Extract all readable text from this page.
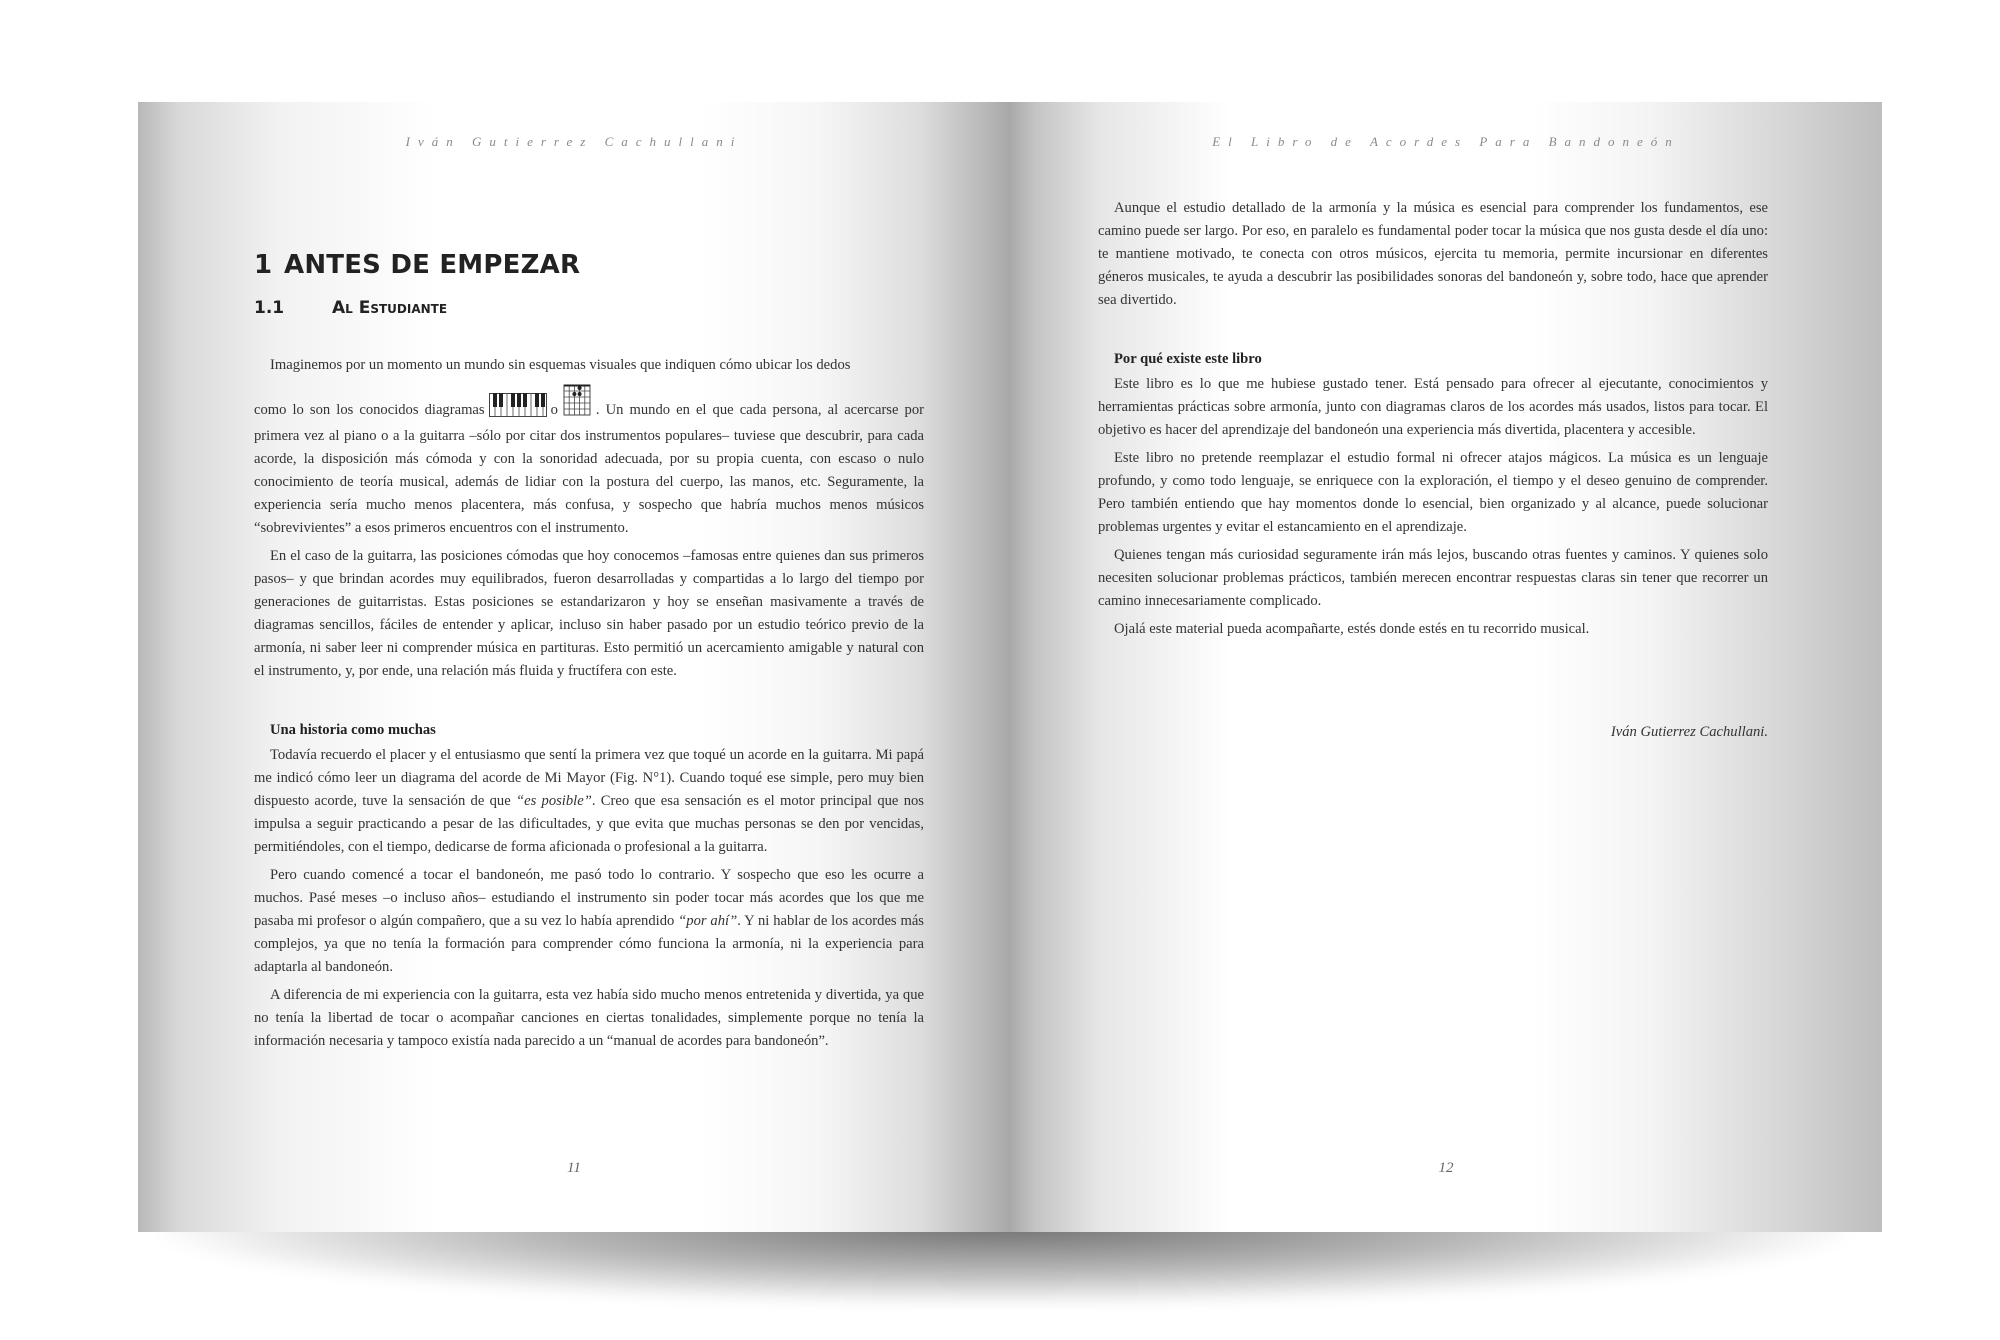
Iván Gutierrez Cachullani
1 ANTES DE EMPEZAR
1.1	Al Estudiante

Imaginemos por un momento un mundo sin esquemas visuales que indiquen cómo ubicar los dedos

como lo son los conocidos diagramas	o	. Un mundo en el que cada persona, al acercarse por primera vez al piano o a la guitarra –sólo por citar dos instrumentos populares– tuviese que descubrir, para cada acorde, la disposición más cómoda y con la sonoridad adecuada, por su propia cuenta, con escaso o nulo conocimiento de teoría musical, además de lidiar con la postura del cuerpo, las manos, etc. Seguramente, la experiencia sería mucho menos placentera, más confusa, y sospecho que habría muchos menos músicos “sobrevivientes” a esos primeros encuentros con el instrumento.

En el caso de la guitarra, las posiciones cómodas que hoy conocemos –famosas entre quienes dan sus primeros pasos– y que brindan acordes muy equilibrados, fueron desarrolladas y compartidas a lo largo del tiempo por generaciones de guitarristas. Estas posiciones se estandarizaron y hoy se enseñan masivamente a través de diagramas sencillos, fáciles de entender y aplicar, incluso sin haber pasado por un estudio teórico previo de la armonía, ni saber leer ni comprender música en partituras. Esto permitió un acercamiento amigable y natural con el instrumento, y, por ende, una relación más fluida y fructífera con este.

Una historia como muchas

Todavía recuerdo el placer y el entusiasmo que sentí la primera vez que toqué un acorde en la guitarra. Mi papá me indicó cómo leer un diagrama del acorde de Mi Mayor (Fig. N°1). Cuando toqué ese simple, pero muy bien dispuesto acorde, tuve la sensación de que “es posible”. Creo que esa sensación es el motor principal que nos impulsa a seguir practicando a pesar de las dificultades, y que evita que muchas personas se den por vencidas, permitiéndoles, con el tiempo, dedicarse de forma aficionada o profesional a la guitarra.

Pero cuando comencé a tocar el bandoneón, me pasó todo lo contrario. Y sospecho que eso les ocurre a muchos. Pasé meses –o incluso años– estudiando el instrumento sin poder tocar más acordes que los que me pasaba mi profesor o algún compañero, que a su vez lo había aprendido “por ahí”. Y ni hablar de los acordes más complejos, ya que no tenía la formación para comprender cómo funciona la armonía, ni la experiencia para adaptarla al bandoneón.

A diferencia de mi experiencia con la guitarra, esta vez había sido mucho menos entretenida y divertida, ya que no tenía la libertad de tocar o acompañar canciones en ciertas tonalidades, simplemente porque no tenía la información necesaria y tampoco existía nada parecido a un “manual de acordes para bandoneón”.

11
El Libro de Acordes Para Bandoneón

Aunque el estudio detallado de la armonía y la música es esencial para comprender los fundamentos, ese camino puede ser largo. Por eso, en paralelo es fundamental poder tocar la música que nos gusta desde el día uno: te mantiene motivado, te conecta con otros músicos, ejercita tu memoria, permite incursionar en diferentes géneros musicales, te ayuda a descubrir las posibilidades sonoras del bandoneón y, sobre todo, hace que aprender sea divertido.

Por qué existe este libro

Este libro es lo que me hubiese gustado tener. Está pensado para ofrecer al ejecutante, conocimientos y herramientas prácticas sobre armonía, junto con diagramas claros de los acordes más usados, listos para tocar. El objetivo es hacer del aprendizaje del bandoneón una experiencia más divertida, placentera y accesible.

Este libro no pretende reemplazar el estudio formal ni ofrecer atajos mágicos. La música es un lenguaje profundo, y como todo lenguaje, se enriquece con la exploración, el tiempo y el deseo genuino de comprender. Pero también entiendo que hay momentos donde lo esencial, bien organizado y al alcance, puede solucionar problemas urgentes y evitar el estancamiento en el aprendizaje.

Quienes tengan más curiosidad seguramente irán más lejos, buscando otras fuentes y caminos. Y quienes solo necesiten solucionar problemas prácticos, también merecen encontrar respuestas claras sin tener que recorrer un camino innecesariamente complicado.

Ojalá este material pueda acompañarte, estés donde estés en tu recorrido musical.

Iván Gutierrez Cachullani.

12
